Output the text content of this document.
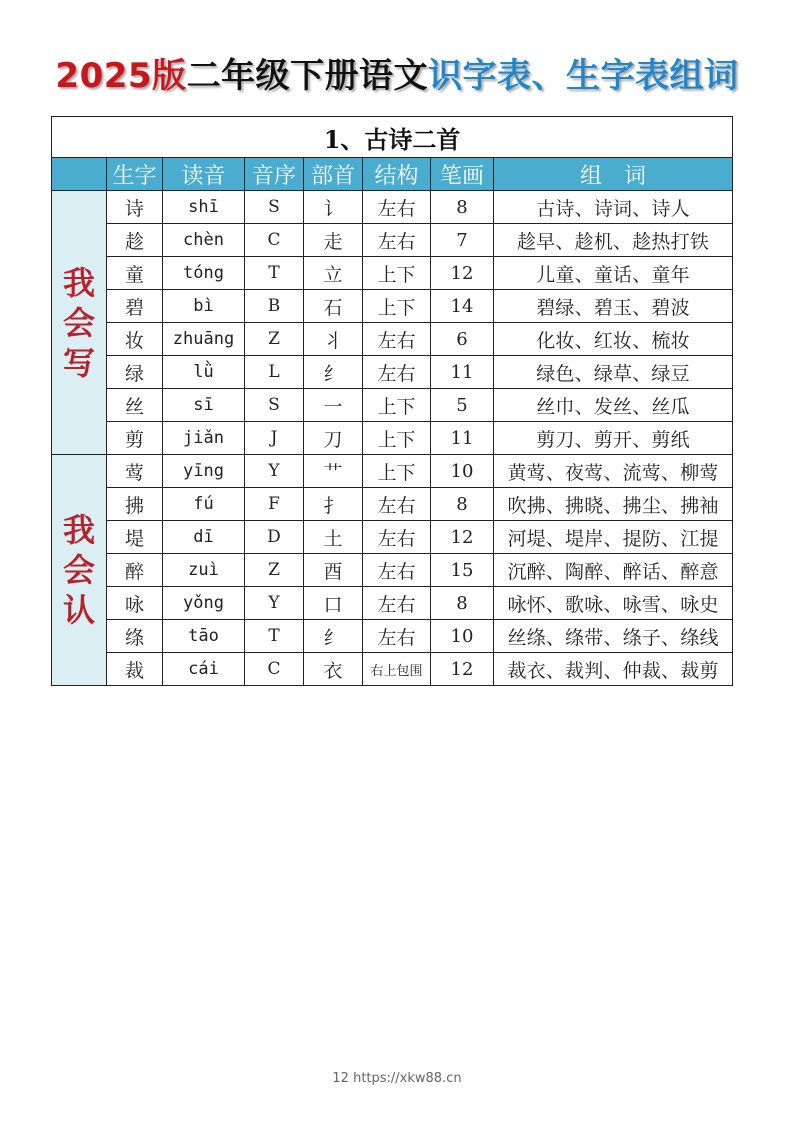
2025版二年级下册语文识字表、生字表组词
1、古诗二首							
	生字	读音	音序	部首	结构	笔画	组　词

我会写	诗	shī	S	讠	左右	8	古诗、诗词、诗人
	趁	chèn	C	走	左右	7	趁早、趁机、趁热打铁
	童	tóng	T	立	上下	12	儿童、童话、童年
	碧	bì	B	石	上下	14	碧绿、碧玉、碧波
	妆	zhuāng	Z	丬	左右	6	化妆、红妆、梳妆
	绿	lǜ	L	纟	左右	11	绿色、绿草、绿豆
	丝	sī	S	一	上下	5	丝巾、发丝、丝瓜
	剪	jiǎn	J	刀	上下	11	剪刀、剪开、剪纸

我会认	莺	yīng	Y	艹	上下	10	黄莺、夜莺、流莺、柳莺
	拂	fú	F	扌	左右	8	吹拂、拂晓、拂尘、拂袖
	堤	dī	D	土	左右	12	河堤、堤岸、提防、江提
	醉	zuì	Z	酉	左右	15	沉醉、陶醉、醉话、醉意
	咏	yǒng	Y	口	左右	8	咏怀、歌咏、咏雪、咏史
	绦	tāo	T	纟	左右	10	丝绦、绦带、绦子、绦线
	裁	cái	C	衣	右上包围	12	裁衣、裁判、仲裁、裁剪
12 https://xkw88.cn
